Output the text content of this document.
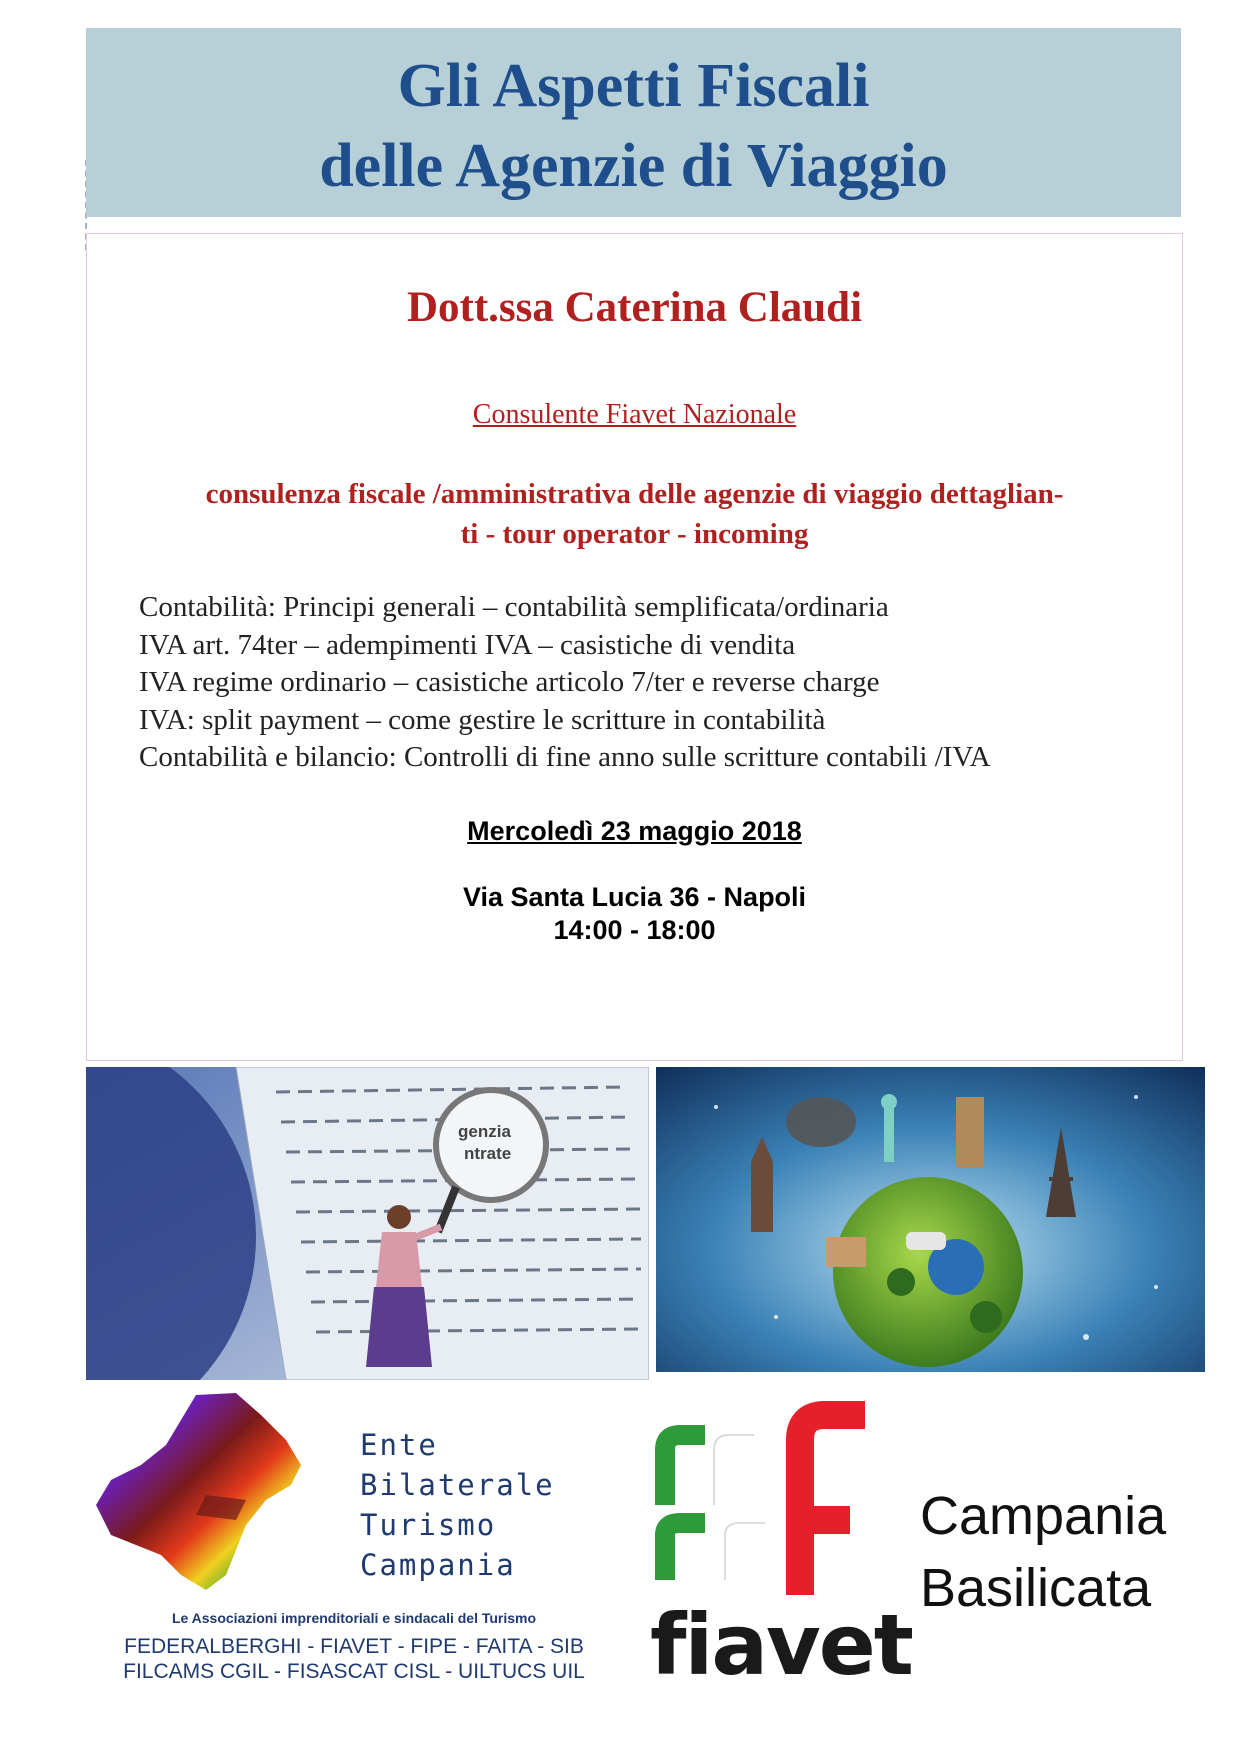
Gli Aspetti Fiscali
delle Agenzie di Viaggio
Dott.ssa Caterina Claudi
Consulente Fiavet Nazionale
consulenza fiscale /amministrativa delle agenzie di viaggio dettaglian-
ti - tour operator - incoming
Contabilità: Principi generali – contabilità semplificata/ordinaria
IVA art. 74ter – adempimenti IVA – casistiche di vendita
IVA regime ordinario – casistiche articolo 7/ter e reverse charge
IVA: split payment – come gestire le scritture in contabilità
Contabilità e bilancio: Controlli di fine anno sulle scritture contabili /IVA
Mercoledì 23 maggio 2018
Via Santa Lucia 36 - Napoli
14:00 - 18:00
genzia
ntrate
Ente
Bilaterale
Turismo
Campania
Le Associazioni imprenditoriali e sindacali del Turismo
FEDERALBERGHI - FIAVET - FIPE - FAITA - SIB
FILCAMS CGIL - FISASCAT CISL - UILTUCS UIL fiavet
Campania
Basilicata
